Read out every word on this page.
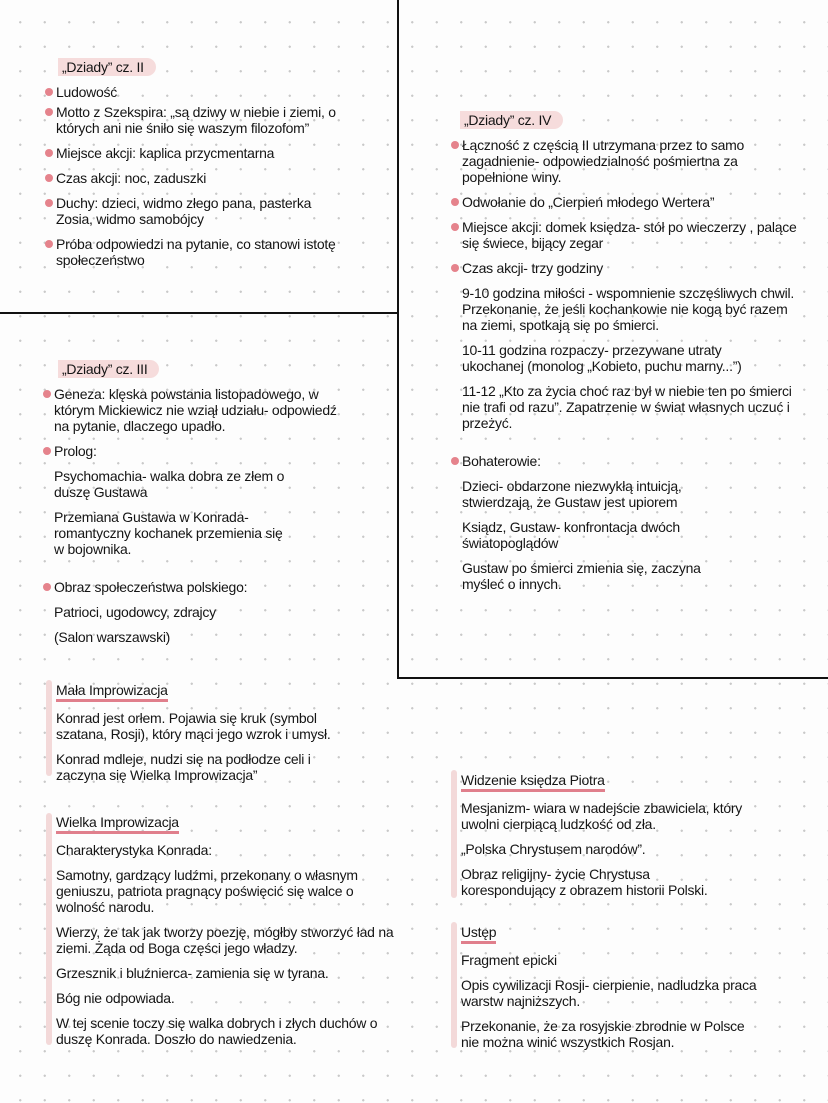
„Dziady” cz. II
Ludowość
Motto z Szekspira: „są dziwy w niebie i ziemi, o których ani nie śniło się waszym filozofom”
Miejsce akcji: kaplica przycmentarna
Czas akcji: noc, zaduszki
Duchy: dzieci, widmo złego pana, pasterka Zosia, widmo samobójcy
Próba odpowiedzi na pytanie, co stanowi istotę społeczeństwo
„Dziady” cz. IV
Łączność z częścią II utrzymana przez to samo zagadnienie- odpowiedzialność pośmiertna za popełnione winy.
Odwołanie do „Cierpień młodego Wertera”
Miejsce akcji: domek księdza- stół po wieczerzy , palące się świece, bijący zegar
Czas akcji- trzy godziny
9-10 godzina miłości - wspomnienie szczęśliwych chwil. Przekonanie, że jeśli kochankowie nie kogą być razem na ziemi, spotkają się po śmierci.
10-11 godzina rozpaczy- przezywane utraty ukochanej (monolog „Kobieto, puchu marny...”)
11-12 „Kto za życia choć raz był w niebie ten po śmierci nie trafi od razu”. Zapatrzenie w świat własnych uczuć i przeżyć.
Bohaterowie:
Dzieci- obdarzone niezwykłą intuicją, stwierdzają, że Gustaw jest upiorem
Ksiądz, Gustaw- konfrontacja dwóch światopoglądów
Gustaw po śmierci zmienia się, zaczyna myśleć o innych.
„Dziady” cz. III
Geneza: klęska powstania listopadowego, w którym Mickiewicz nie wziął udziału- odpowiedź na pytanie, dlaczego upadło.
Prolog:
Psychomachia- walka dobra ze złem o duszę Gustawa
Przemiana Gustawa w Konrada- romantyczny kochanek przemienia się w bojownika.
Obraz społeczeństwa polskiego:
Patrioci, ugodowcy, zdrajcy
(Salon warszawski)
Mała Improwizacja
Konrad jest orłem. Pojawia się kruk (symbol szatana, Rosji), który mąci jego wzrok i umysł.
Konrad mdleje, nudzi się na podłodze celi i zaczyna się Wielka Improwizacja”
Wielka Improwizacja
Charakterystyka Konrada:
Samotny, gardzący ludźmi, przekonany o własnym geniuszu, patriota pragnący poświęcić się walce o wolność narodu.
Wierzy, że tak jak tworzy poezję, mógłby stworzyć ład na ziemi. Żąda od Boga części jego władzy.
Grzesznik i bluźnierca- zamienia się w tyrana.
Bóg nie odpowiada.
W tej scenie toczy się walka dobrych i złych duchów o duszę Konrada. Doszło do nawiedzenia.
Widzenie księdza Piotra
Mesjanizm- wiara w nadejście zbawiciela, który uwolni cierpiącą ludzkość od zła.
„Polska Chrystusem narodów”.
Obraz religijny- życie Chrystusa korespondujący z obrazem historii Polski.
Ustęp
Fragment epicki
Opis cywilizacji Rosji- cierpienie, nadludzka praca warstw najniższych.
Przekonanie, że za rosyjskie zbrodnie w Polsce nie można winić wszystkich Rosjan.
